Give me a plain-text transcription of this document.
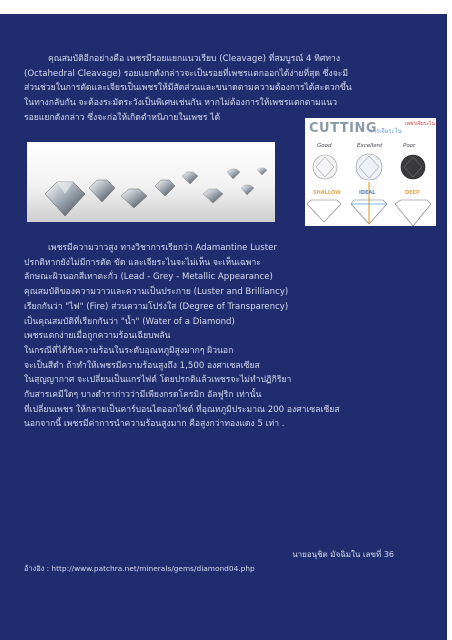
คุณสมบัติอีกอย่างคือ เพชรมีรอยแยกแนวเรียบ (Cleavage) ที่สมบูรณ์ 4 ทิศทาง
(Octahedral Cleavage) รอยแยกดังกล่าวจะเป็นรอยที่เพชรแตกออกได้ง่ายที่สุด ซึ่งจะมี
ส่วนช่วยในการตัดและเจียรเป็นเพชรให้มีสัดส่วนและขนาดตามความต้องการได้สะดวกขึ้น
ในทางกลับกัน จะต้องระมัดระวังเป็นพิเศษเช่นกัน หากไม่ต้องการให้เพชรแตกตามแนว
รอยแยกดังกล่าว ซึ่งจะก่อให้เกิดตำหนิภายในเพชร ได้
CUTTING
การเจียระไน
เพชรเจียระไน
Good	Excellent	Poor
SHALLOW	IDEAL	DEEP
เพชรมีความวาวสูง ทางวิชาการเรียกว่า Adamantine Luster
ปรกติหากยังไม่มีการตัด ขัด และเจียระไนจะไม่เห็น จะเห็นเฉพาะ
ลักษณะผิวนอกสีเทาตะกั่ว (Lead - Grey - Metallic Appearance)
คุณสมบัติของความวาวและความเป็นประกาย (Luster and Brilliancy)
เรียกกันว่า "ไฟ" (Fire) ส่วนความโปร่งใส (Degree of Transparency)
เป็นคุณสมบัติที่เรียกกันว่า "น้ำ" (Water of a Diamond)
เพชรแตกง่ายเมื่อถูกความร้อนเฉียบพลัน
ในกรณีที่ได้รับความร้อนในระดับอุณหภูมิสูงมากๆ ผิวนอก
จะเป็นสีดำ ถ้าทำให้เพชรมีความร้อนสูงถึง 1,500 องศาเซลเซียส
ในสุญญากาศ จะเปลี่ยนเป็นแกรไฟต์ โดยปรกติแล้วเพชรจะไม่ทำปฏิกิริยา
กับสารเคมีใดๆ บางตำราก่าวว่ามีเพียงกรดโครมิก อัลฟูริก เท่านั้น
ที่เปลี่ยนเพชร ให้กลายเป็นคาร์บอนไดออกไซด์ ที่อุณหภูมิประมาณ 200 องศาเซลเซียส
นอกจากนี้ เพชรมีค่าการนำความร้อนสูงมาก คือสูงกว่าทองแดง 5 เท่า .
นายอนุชิต มัจฉิมใน เลขที่ 36
อ้างอิง : http://www.patchra.net/minerals/gems/diamond04.php
